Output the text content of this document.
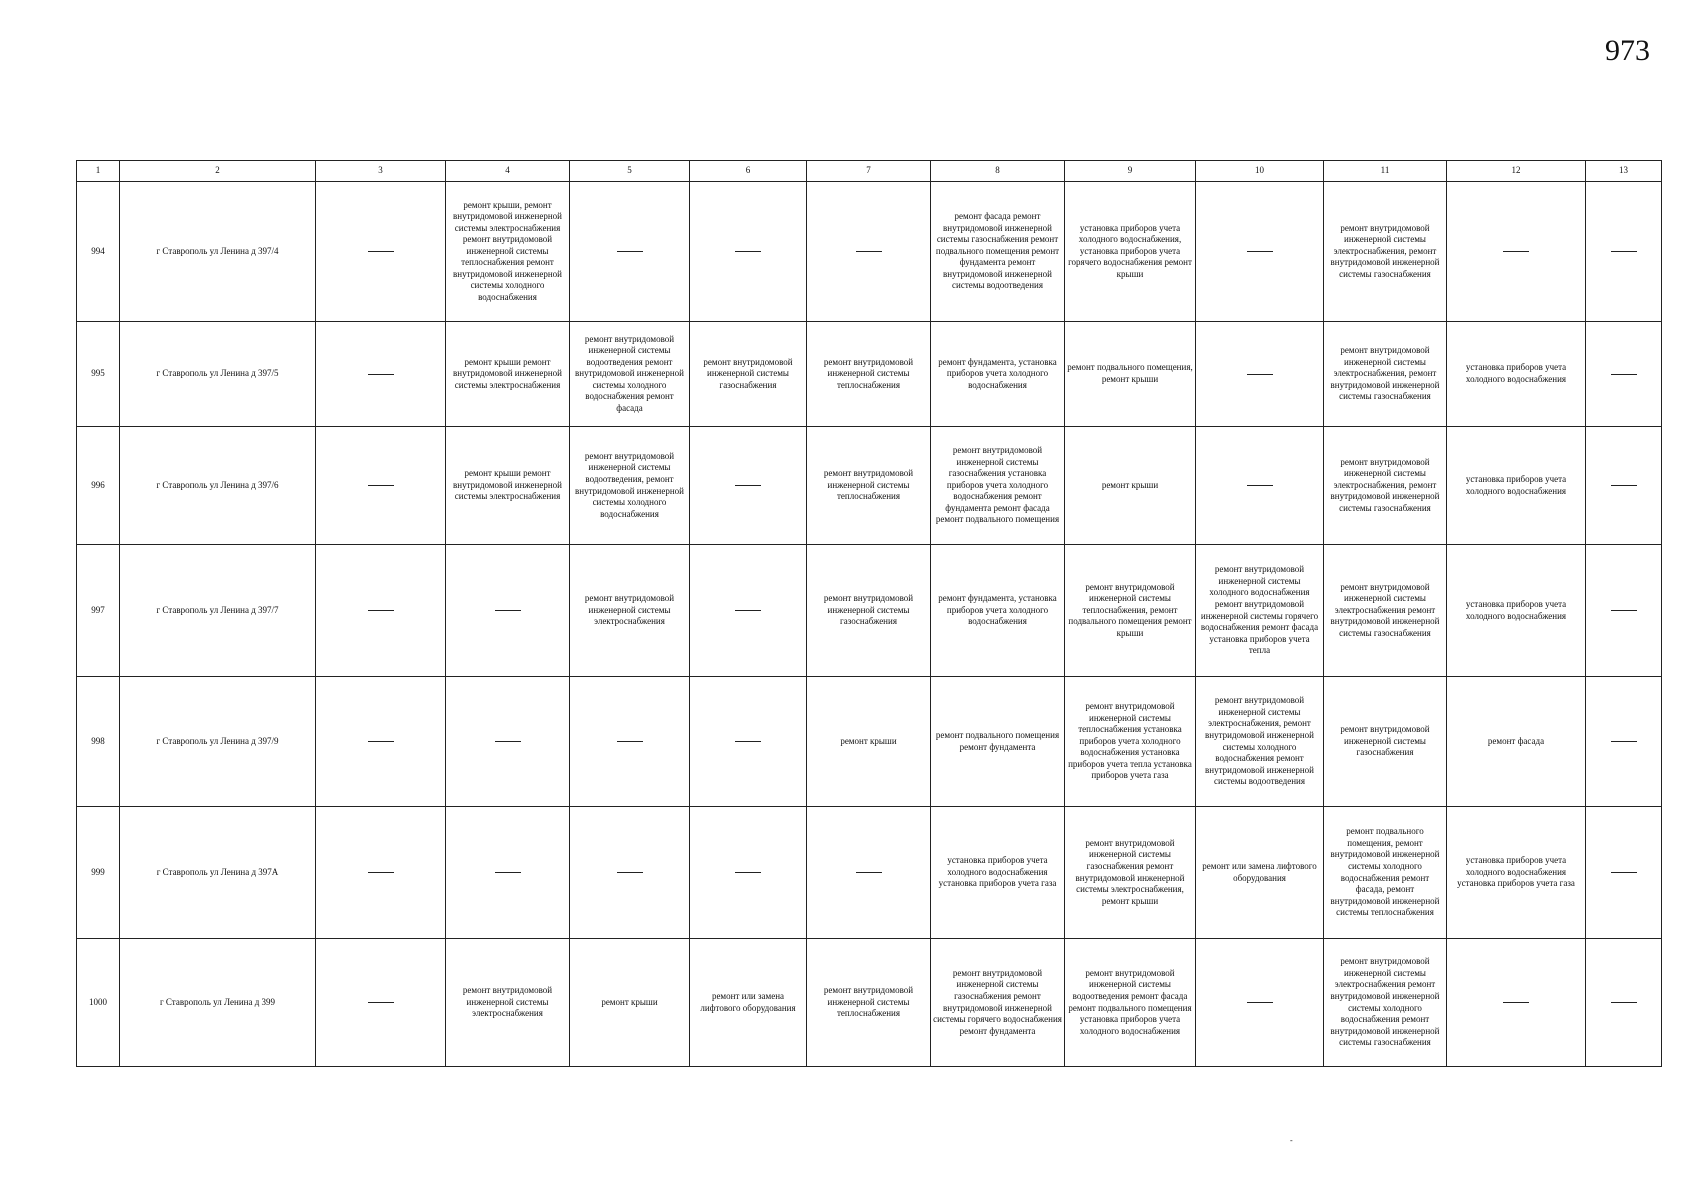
973
1	2	3	4	5	6	7	8	9	10	11	12	13
994	г Ставрополь ул Ленина д 397/4		ремонт крыши, ремонт внутридомовой инженерной системы электроснабжения ремонт внутридомовой инженерной системы теплоснабжения ремонт внутридомовой инженерной системы холодного водоснабжения				ремонт фасада ремонт внутридомовой инженерной системы газоснабжения ремонт подвального помещения ремонт фундамента ремонт внутридомовой инженерной системы водоотведения	установка приборов учета холодного водоснабжения, установка приборов учета горячего водоснабжения ремонт крыши		ремонт внутридомовой инженерной системы электроснабжения, ремонт внутридомовой инженерной системы газоснабжения		
995	г Ставрополь ул Ленина д 397/5		ремонт крыши ремонт внутридомовой инженерной системы электроснабжения	ремонт внутридомовой инженерной системы водоотведения ремонт внутридомовой инженерной системы холодного водоснабжения ремонт фасада	ремонт внутридомовой инженерной системы газоснабжения	ремонт внутридомовой инженерной системы теплоснабжения	ремонт фундамента, установка приборов учета холодного водоснабжения	ремонт подвального помещения, ремонт крыши		ремонт внутридомовой инженерной системы электроснабжения, ремонт внутридомовой инженерной системы газоснабжения	установка приборов учета холодного водоснабжения	
996	г Ставрополь ул Ленина д 397/6		ремонт крыши ремонт внутридомовой инженерной системы электроснабжения	ремонт внутридомовой инженерной системы водоотведения, ремонт внутридомовой инженерной системы холодного водоснабжения		ремонт внутридомовой инженерной системы теплоснабжения	ремонт внутридомовой инженерной системы газоснабжения установка приборов учета холодного водоснабжения ремонт фундамента ремонт фасада ремонт подвального помещения	ремонт крыши		ремонт внутридомовой инженерной системы электроснабжения, ремонт внутридомовой инженерной системы газоснабжения	установка приборов учета холодного водоснабжения	
997	г Ставрополь ул Ленина д 397/7			ремонт внутридомовой инженерной системы электроснабжения		ремонт внутридомовой инженерной системы газоснабжения	ремонт фундамента, установка приборов учета холодного водоснабжения	ремонт внутридомовой инженерной системы теплоснабжения, ремонт подвального помещения ремонт крыши	ремонт внутридомовой инженерной системы холодного водоснабжения ремонт внутридомовой инженерной системы горячего водоснабжения ремонт фасада установка приборов учета тепла	ремонт внутридомовой инженерной системы электроснабжения ремонт внутридомовой инженерной системы газоснабжения	установка приборов учета холодного водоснабжения	
998	г Ставрополь ул Ленина д 397/9					ремонт крыши	ремонт подвального помещения ремонт фундамента	ремонт внутридомовой инженерной системы теплоснабжения установка приборов учета холодного водоснабжения установка приборов учета тепла установка приборов учета газа	ремонт внутридомовой инженерной системы электроснабжения, ремонт внутридомовой инженерной системы холодного водоснабжения ремонт внутридомовой инженерной системы водоотведения	ремонт внутридомовой инженерной системы газоснабжения	ремонт фасада	
999	г Ставрополь ул Ленина д 397А						установка приборов учета холодного водоснабжения установка приборов учета газа	ремонт внутридомовой инженерной системы газоснабжения ремонт внутридомовой инженерной системы электроснабжения, ремонт крыши	ремонт или замена лифтового оборудования	ремонт подвального помещения, ремонт внутридомовой инженерной системы холодного водоснабжения ремонт фасада, ремонт внутридомовой инженерной системы теплоснабжения	установка приборов учета холодного водоснабжения установка приборов учета газа	
1000	г Ставрополь ул Ленина д 399		ремонт внутридомовой инженерной системы электроснабжения	ремонт крыши	ремонт или замена лифтового оборудования	ремонт внутридомовой инженерной системы теплоснабжения	ремонт внутридомовой инженерной системы газоснабжения ремонт внутридомовой инженерной системы горячего водоснабжения ремонт фундамента	ремонт внутридомовой инженерной системы водоотведения ремонт фасада ремонт подвального помещения установка приборов учета холодного водоснабжения		ремонт внутридомовой инженерной системы электроснабжения ремонт внутридомовой инженерной системы холодного водоснабжения ремонт внутридомовой инженерной системы газоснабжения		
-
